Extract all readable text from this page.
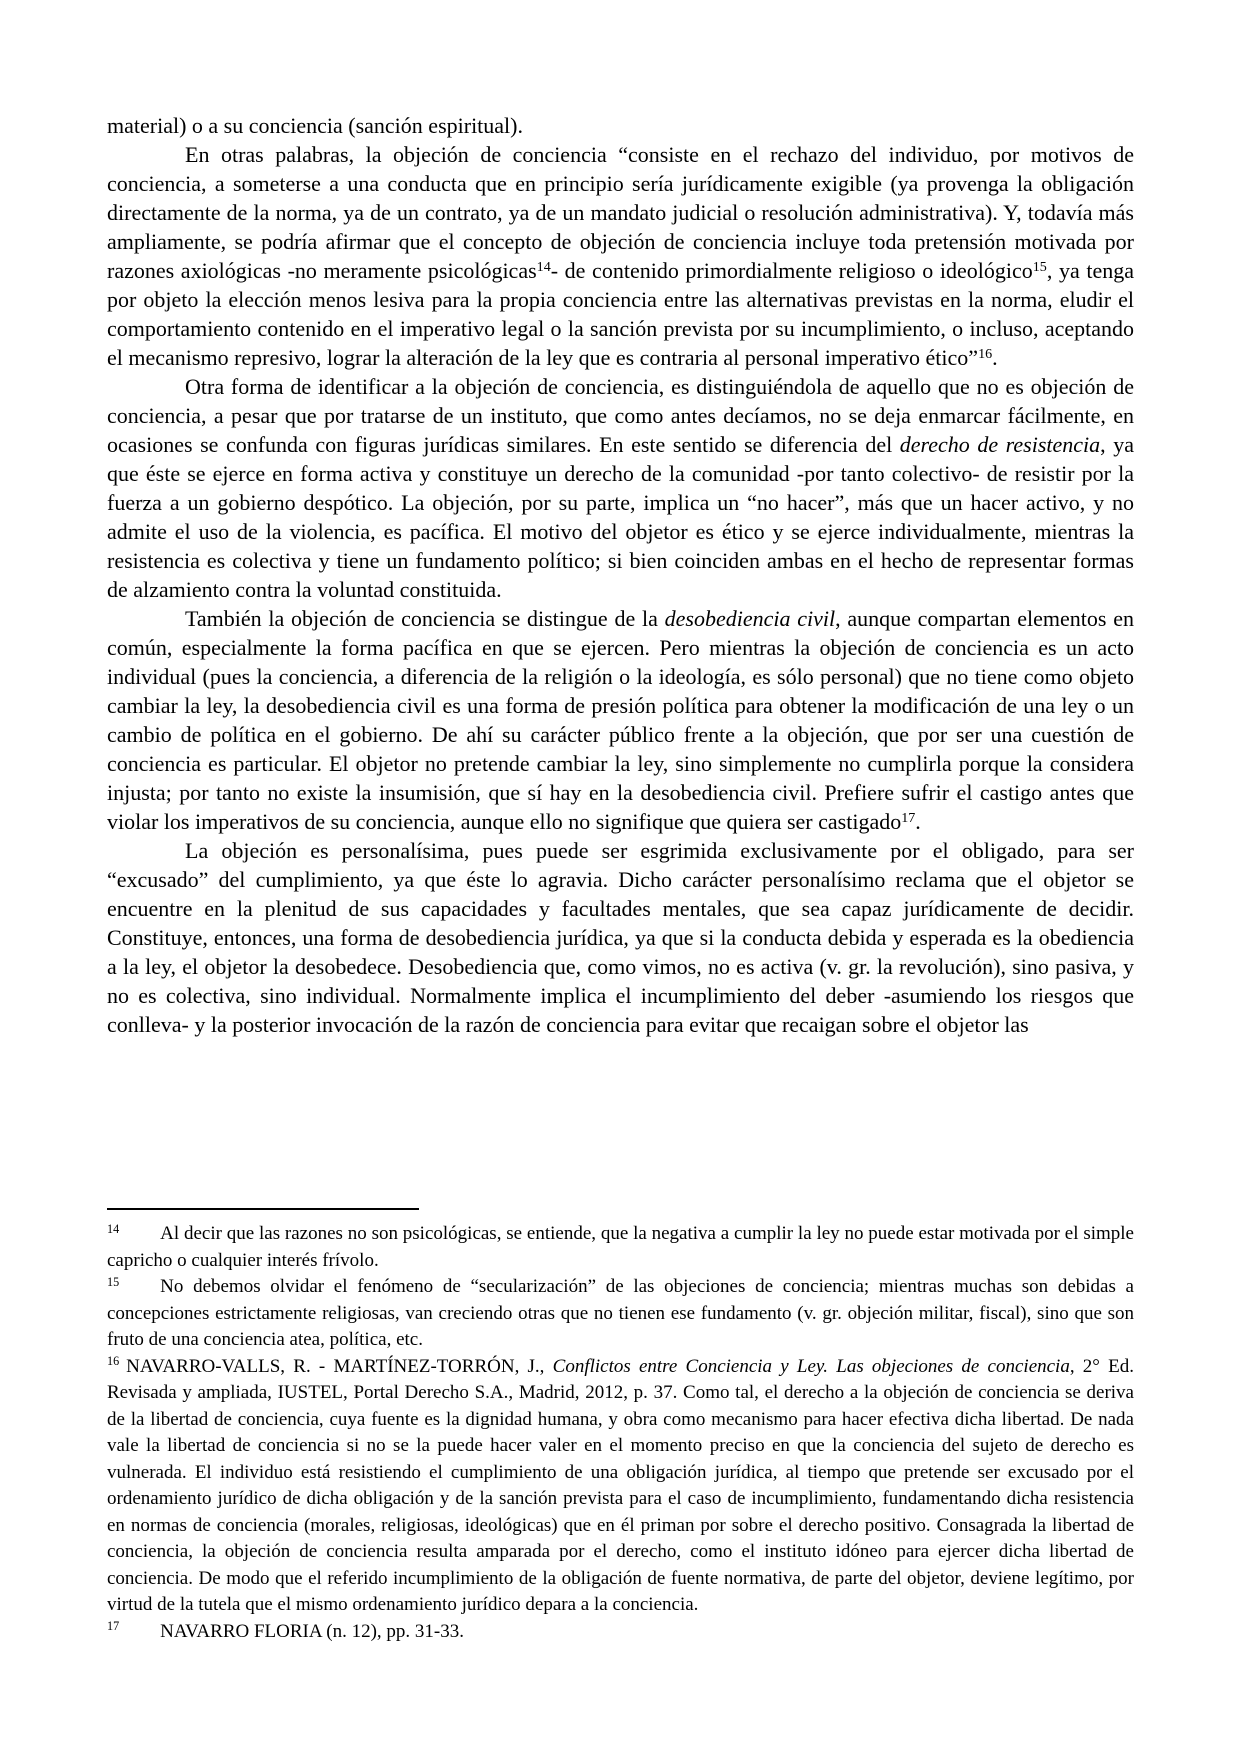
material) o a su conciencia (sanción espiritual).

En otras palabras, la objeción de conciencia “consiste en el rechazo del individuo, por motivos de conciencia, a someterse a una conducta que en principio sería jurídicamente exigible (ya provenga la obligación directamente de la norma, ya de un contrato, ya de un mandato judicial o resolución administrativa). Y, todavía más ampliamente, se podría afirmar que el concepto de objeción de conciencia incluye toda pretensión motivada por razones axiológicas -no meramente psicológicas$^{14}$- de contenido primordialmente religioso o ideológico$^{15}$, ya tenga por objeto la elección menos lesiva para la propia conciencia entre las alternativas previstas en la norma, eludir el comportamiento contenido en el imperativo legal o la sanción prevista por su incumplimiento, o incluso, aceptando el mecanismo represivo, lograr la alteración de la ley que es contraria al personal imperativo ético”$^{16}$.

Otra forma de identificar a la objeción de conciencia, es distinguiéndola de aquello que no es objeción de conciencia, a pesar que por tratarse de un instituto, que como antes decíamos, no se deja enmarcar fácilmente, en ocasiones se confunda con figuras jurídicas similares. En este sentido se diferencia del derecho de resistencia, ya que éste se ejerce en forma activa y constituye un derecho de la comunidad -por tanto colectivo- de resistir por la fuerza a un gobierno despótico. La objeción, por su parte, implica un “no hacer”, más que un hacer activo, y no admite el uso de la violencia, es pacífica. El motivo del objetor es ético y se ejerce individualmente, mientras la resistencia es colectiva y tiene un fundamento político; si bien coinciden ambas en el hecho de representar formas de alzamiento contra la voluntad constituida.

También la objeción de conciencia se distingue de la desobediencia civil, aunque compartan elementos en común, especialmente la forma pacífica en que se ejercen. Pero mientras la objeción de conciencia es un acto individual (pues la conciencia, a diferencia de la religión o la ideología, es sólo personal) que no tiene como objeto cambiar la ley, la desobediencia civil es una forma de presión política para obtener la modificación de una ley o un cambio de política en el gobierno. De ahí su carácter público frente a la objeción, que por ser una cuestión de conciencia es particular. El objetor no pretende cambiar la ley, sino simplemente no cumplirla porque la considera injusta; por tanto no existe la insumisión, que sí hay en la desobediencia civil. Prefiere sufrir el castigo antes que violar los imperativos de su conciencia, aunque ello no signifique que quiera ser castigado$^{17}$.

La objeción es personalísima, pues puede ser esgrimida exclusivamente por el obligado, para ser “excusado” del cumplimiento, ya que éste lo agravia. Dicho carácter personalísimo reclama que el objetor se encuentre en la plenitud de sus capacidades y facultades mentales, que sea capaz jurídicamente de decidir. Constituye, entonces, una forma de desobediencia jurídica, ya que si la conducta debida y esperada es la obediencia a la ley, el objetor la desobedece. Desobediencia que, como vimos, no es activa (v. gr. la revolución), sino pasiva, y no es colectiva, sino individual. Normalmente implica el incumplimiento del deber -asumiendo los riesgos que conlleva- y la posterior invocación de la razón de conciencia para evitar que recaigan sobre el objetor las

$^{14}$ Al decir que las razones no son psicológicas, se entiende, que la negativa a cumplir la ley no puede estar motivada por el simple capricho o cualquier interés frívolo.

$^{15}$ No debemos olvidar el fenómeno de “secularización” de las objeciones de conciencia; mientras muchas son debidas a concepciones estrictamente religiosas, van creciendo otras que no tienen ese fundamento (v. gr. objeción militar, fiscal), sino que son fruto de una conciencia atea, política, etc.

$^{16}$ NAVARRO-VALLS, R. - MARTÍNEZ-TORRÓN, J., Conflictos entre Conciencia y Ley. Las objeciones de conciencia, 2° Ed. Revisada y ampliada, IUSTEL, Portal Derecho S.A., Madrid, 2012, p. 37. Como tal, el derecho a la objeción de conciencia se deriva de la libertad de conciencia, cuya fuente es la dignidad humana, y obra como mecanismo para hacer efectiva dicha libertad. De nada vale la libertad de conciencia si no se la puede hacer valer en el momento preciso en que la conciencia del sujeto de derecho es vulnerada. El individuo está resistiendo el cumplimiento de una obligación jurídica, al tiempo que pretende ser excusado por el ordenamiento jurídico de dicha obligación y de la sanción prevista para el caso de incumplimiento, fundamentando dicha resistencia en normas de conciencia (morales, religiosas, ideológicas) que en él priman por sobre el derecho positivo. Consagrada la libertad de conciencia, la objeción de conciencia resulta amparada por el derecho, como el instituto idóneo para ejercer dicha libertad de conciencia. De modo que el referido incumplimiento de la obligación de fuente normativa, de parte del objetor, deviene legítimo, por virtud de la tutela que el mismo ordenamiento jurídico depara a la conciencia.

$^{17}$ NAVARRO FLORIA (n. 12), pp. 31-33.
